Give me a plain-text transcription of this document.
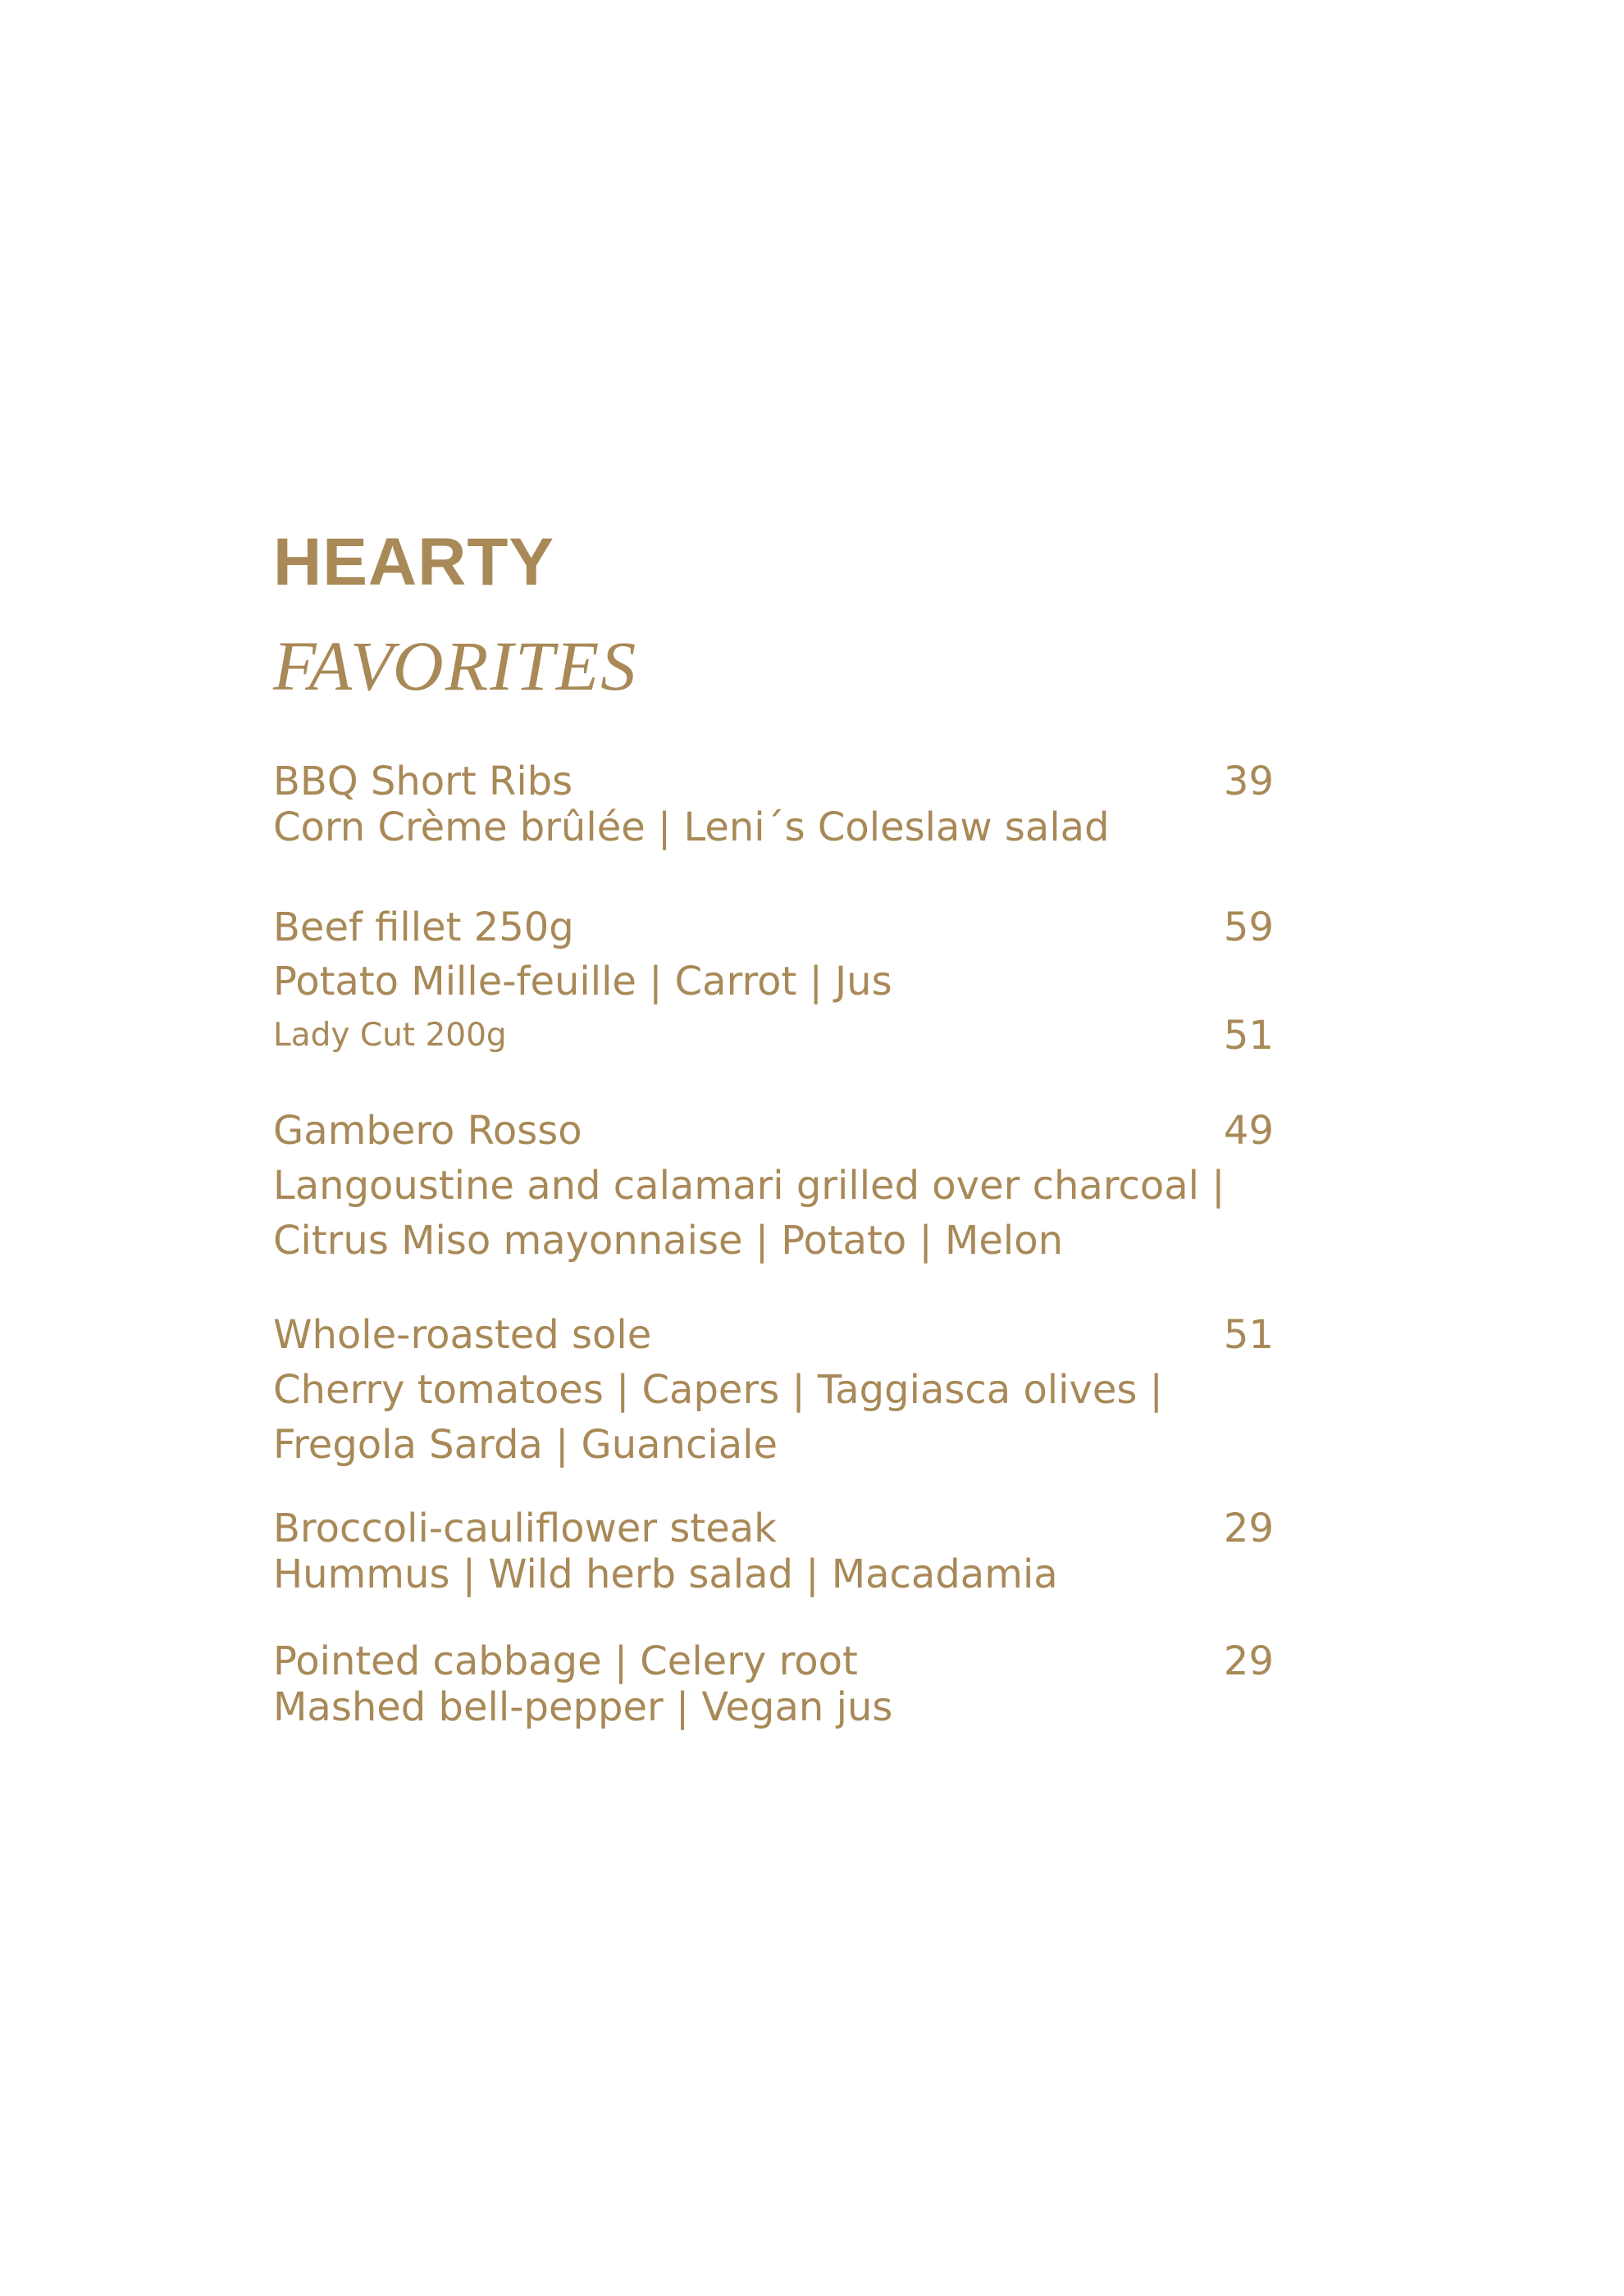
HEARTY
FAVORITES
BBQ Short Ribs	39
Corn Crème brûlée | Leni´s Coleslaw salad
Beef fillet 250g	59
Potato Mille-feuille | Carrot | Jus
Lady Cut 200g	51
Gambero Rosso	49
Langoustine and calamari grilled over charcoal |
Citrus Miso mayonnaise | Potato | Melon
Whole-roasted sole	51
Cherry tomatoes | Capers | Taggiasca olives |
Fregola Sarda | Guanciale
Broccoli-cauliflower steak	29
Hummus | Wild herb salad | Macadamia
Pointed cabbage | Celery root	29
Mashed bell-pepper | Vegan jus
